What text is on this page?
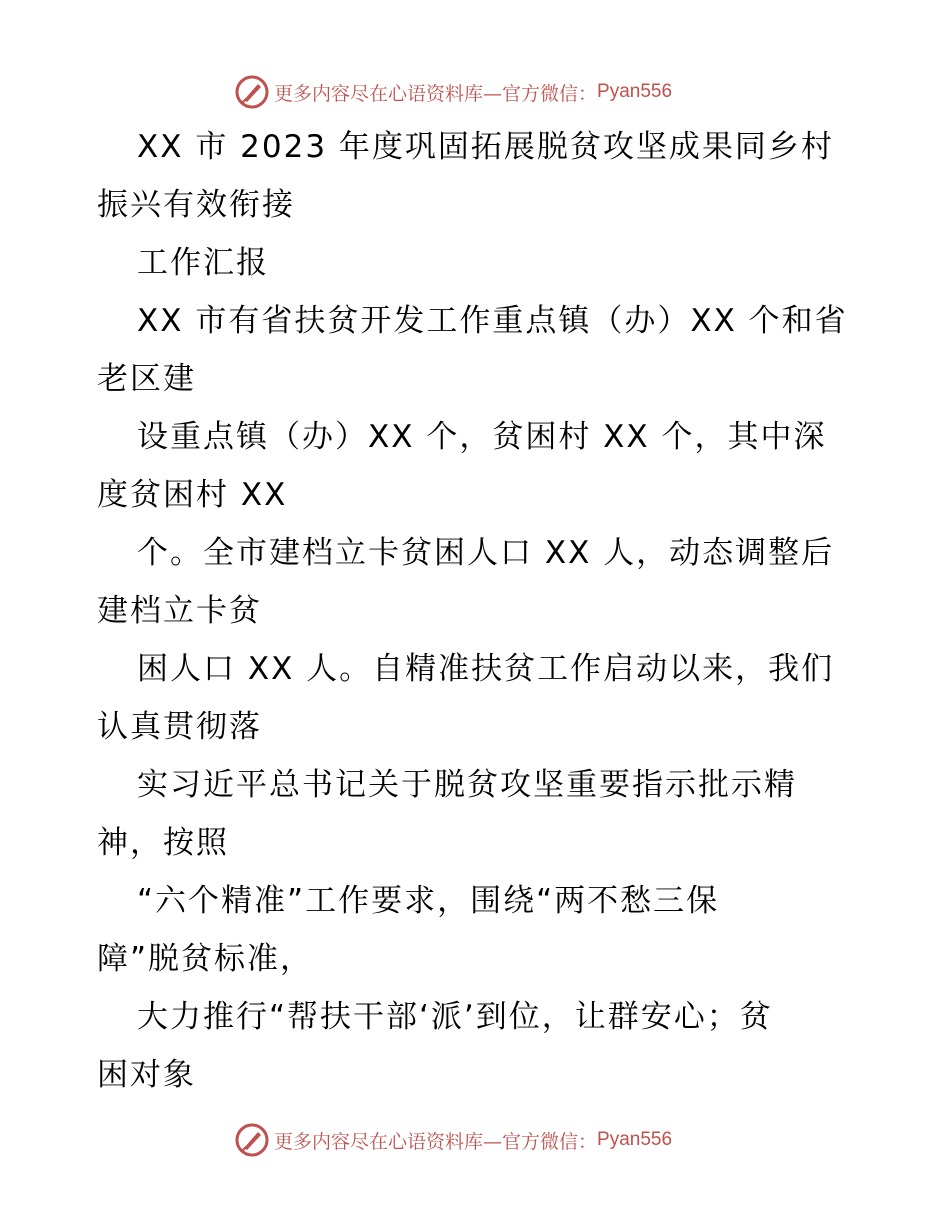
更多内容尽在心语资料库—官方微信： Pyan556
XX 市 2023 年度巩固拓展脱贫攻坚成果同乡村
振兴有效衔接
工作汇报
XX 市有省扶贫开发工作重点镇（办）XX 个和省
老区建
设重点镇（办）XX 个，贫困村 XX 个，其中深
度贫困村 XX
个。全市建档立卡贫困人口 XX 人，动态调整后
建档立卡贫
困人口 XX 人。自精准扶贫工作启动以来，我们
认真贯彻落
实习近平总书记关于脱贫攻坚重要指示批示精
神，按照
“六个精准”工作要求，围绕“两不愁三保
障”脱贫标准，
大力推行“帮扶干部‘派’到位，让群安心；贫
困对象
更多内容尽在心语资料库—官方微信： Pyan556
